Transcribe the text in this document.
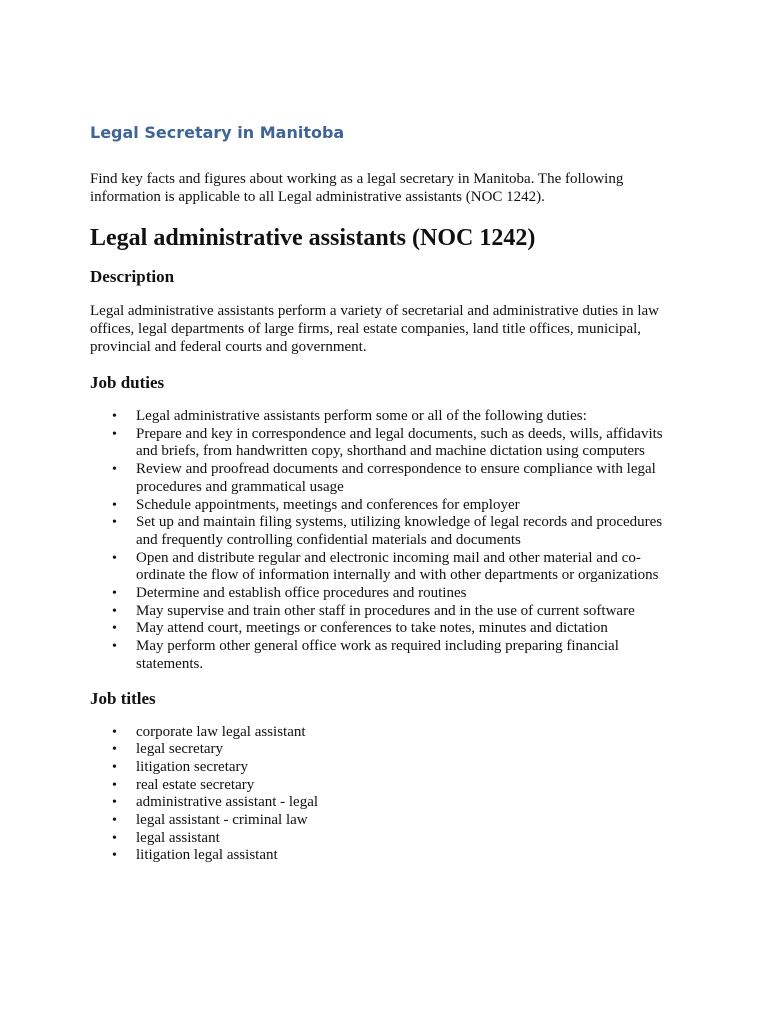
Legal Secretary in Manitoba

Find key facts and figures about working as a legal secretary in Manitoba. The following information is applicable to all Legal administrative assistants (NOC 1242).

Legal administrative assistants (NOC 1242)
Description

Legal administrative assistants perform a variety of secretarial and administrative duties in law offices, legal departments of large firms, real estate companies, land title offices, municipal, provincial and federal courts and government.

Job duties
• Legal administrative assistants perform some or all of the following duties:
• Prepare and key in correspondence and legal documents, such as deeds, wills, affidavits and briefs, from handwritten copy, shorthand and machine dictation using computers
• Review and proofread documents and correspondence to ensure compliance with legal procedures and grammatical usage
• Schedule appointments, meetings and conferences for employer
• Set up and maintain filing systems, utilizing knowledge of legal records and procedures and frequently controlling confidential materials and documents
• Open and distribute regular and electronic incoming mail and other material and co-ordinate the flow of information internally and with other departments or organizations
• Determine and establish office procedures and routines
• May supervise and train other staff in procedures and in the use of current software
• May attend court, meetings or conferences to take notes, minutes and dictation
• May perform other general office work as required including preparing financial statements.
Job titles
• corporate law legal assistant
• legal secretary
• litigation secretary
• real estate secretary
• administrative assistant - legal
• legal assistant - criminal law
• legal assistant
• litigation legal assistant
